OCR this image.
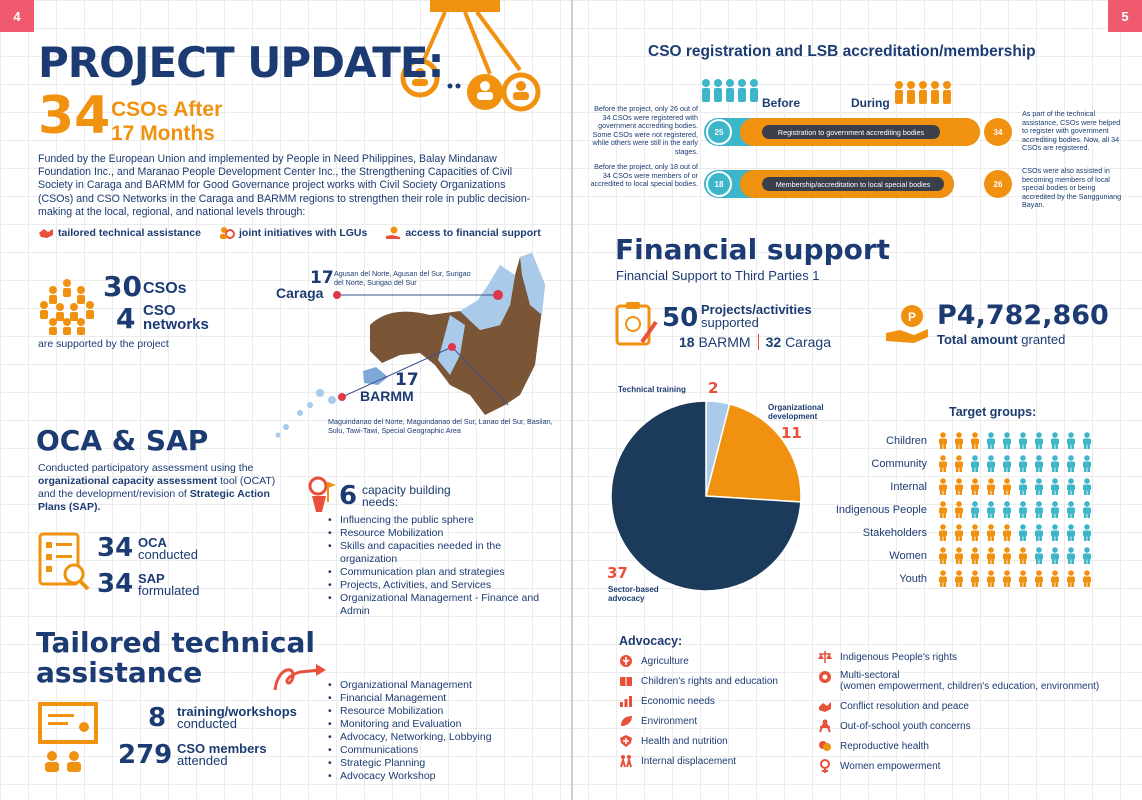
4
PROJECT UPDATE:
34 CSOs After
17 Months
Funded by the European Union and implemented by People in Need Philippines, Balay Mindanaw Foundation Inc., and Maranao People Development Center Inc., the Strengthening Capacities of Civil Society in Caraga and BARMM for Good Governance project works with Civil Society Organizations (CSOs) and CSO Networks in the Caraga and BARMM regions to strengthen their role in public decision-making at the local, regional, and national levels through:
tailored technical assistance	joint initiatives with LGUs	access to financial support
30 CSOs
4 CSO
networks
are supported by the project
17
Caraga
Agusan del Norte, Agusan del Sur, Surigao del Norte, Surigao del Sur
17
BARMM
Maguindanao del Norte, Maguindanao del Sur, Lanao del Sur, Basilan, Sulu, Tawi-Tawi, Special Geographic Area
OCA & SAP
Conducted participatory assessment using the organizational capacity assessment tool (OCAT) and the development/revision of Strategic Action Plans (SAP).
34 OCA
conducted
34 SAP
formulated
6 capacity building needs:
• Influencing the public sphere
• Resource Mobilization
• Skills and capacities needed in the organization
• Communication plan and strategies
• Projects, Activities, and Services
• Organizational Management - Finance and Admin
Tailored technical
assistance
8 training/workshops
conducted
279 CSO members
attended
• Organizational Management
• Financial Management
• Resource Mobilization
• Monitoring and Evaluation
• Advocacy, Networking, Lobbying
• Communications
• Strategic Planning
• Advocacy Workshop
5
CSO registration and LSB accreditation/membership
Before	During
Before the project, only 26 out of 34 CSOs were registered with government accrediting bodies. Some CSOs were not registered, while others were still in the early stages.
25	Registration to government accrediting bodies	34
As part of the technical assistance, CSOs were helped to register with government accrediting bodies. Now, all 34 CSOs are registered.
Before the project, only 18 out of 34 CSOs were members of or accredited to local special bodies.	18	Membership/accreditation to local special bodies	26
CSOs were also assisted in becoming members of local special bodies or being accredited by the Sangguniang Bayan.
Financial support
Financial Support to Third Parties 1
50 Projects/activities
supported
18
BARMM 32
Caraga
P P4,782,860
Total amount granted
Technical training 2
Organizational
development
11
37
Sector-based
advocacy
Target groups:
Children
Community
Internal
Indigenous People
Stakeholders
Women
Youth
Advocacy:
Agriculture
Children's rights and education
Economic needs
Environment
Health and nutrition
Internal displacement
Indigenous People's rights
Multi-sectoral
(women empowerment, children's education, environment)
Conflict resolution and peace
Out-of-school youth concerns
Reproductive health
Women empowerment
